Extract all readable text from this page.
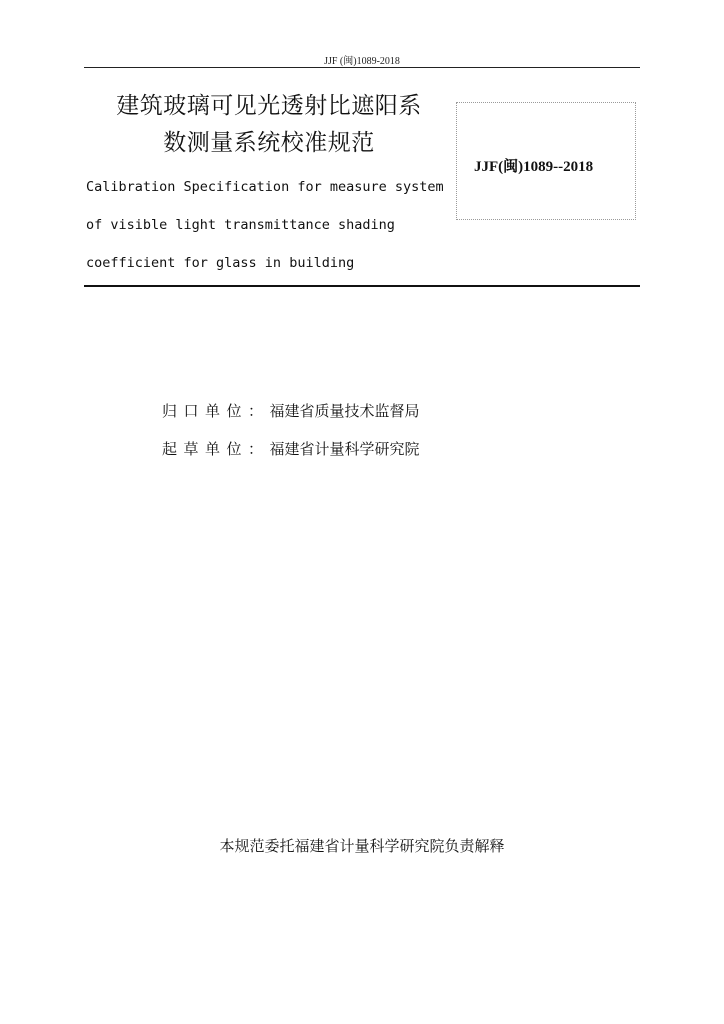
JJF (闽)1089-2018
建筑玻璃可见光透射比遮阳系
数测量系统校准规范
Calibration Specification for measure system
of visible light transmittance shading
coefficient for glass in building
JJF(闽)1089--2018
归口单位：福建省质量技术监督局
起草单位：福建省计量科学研究院
本规范委托福建省计量科学研究院负责解释
